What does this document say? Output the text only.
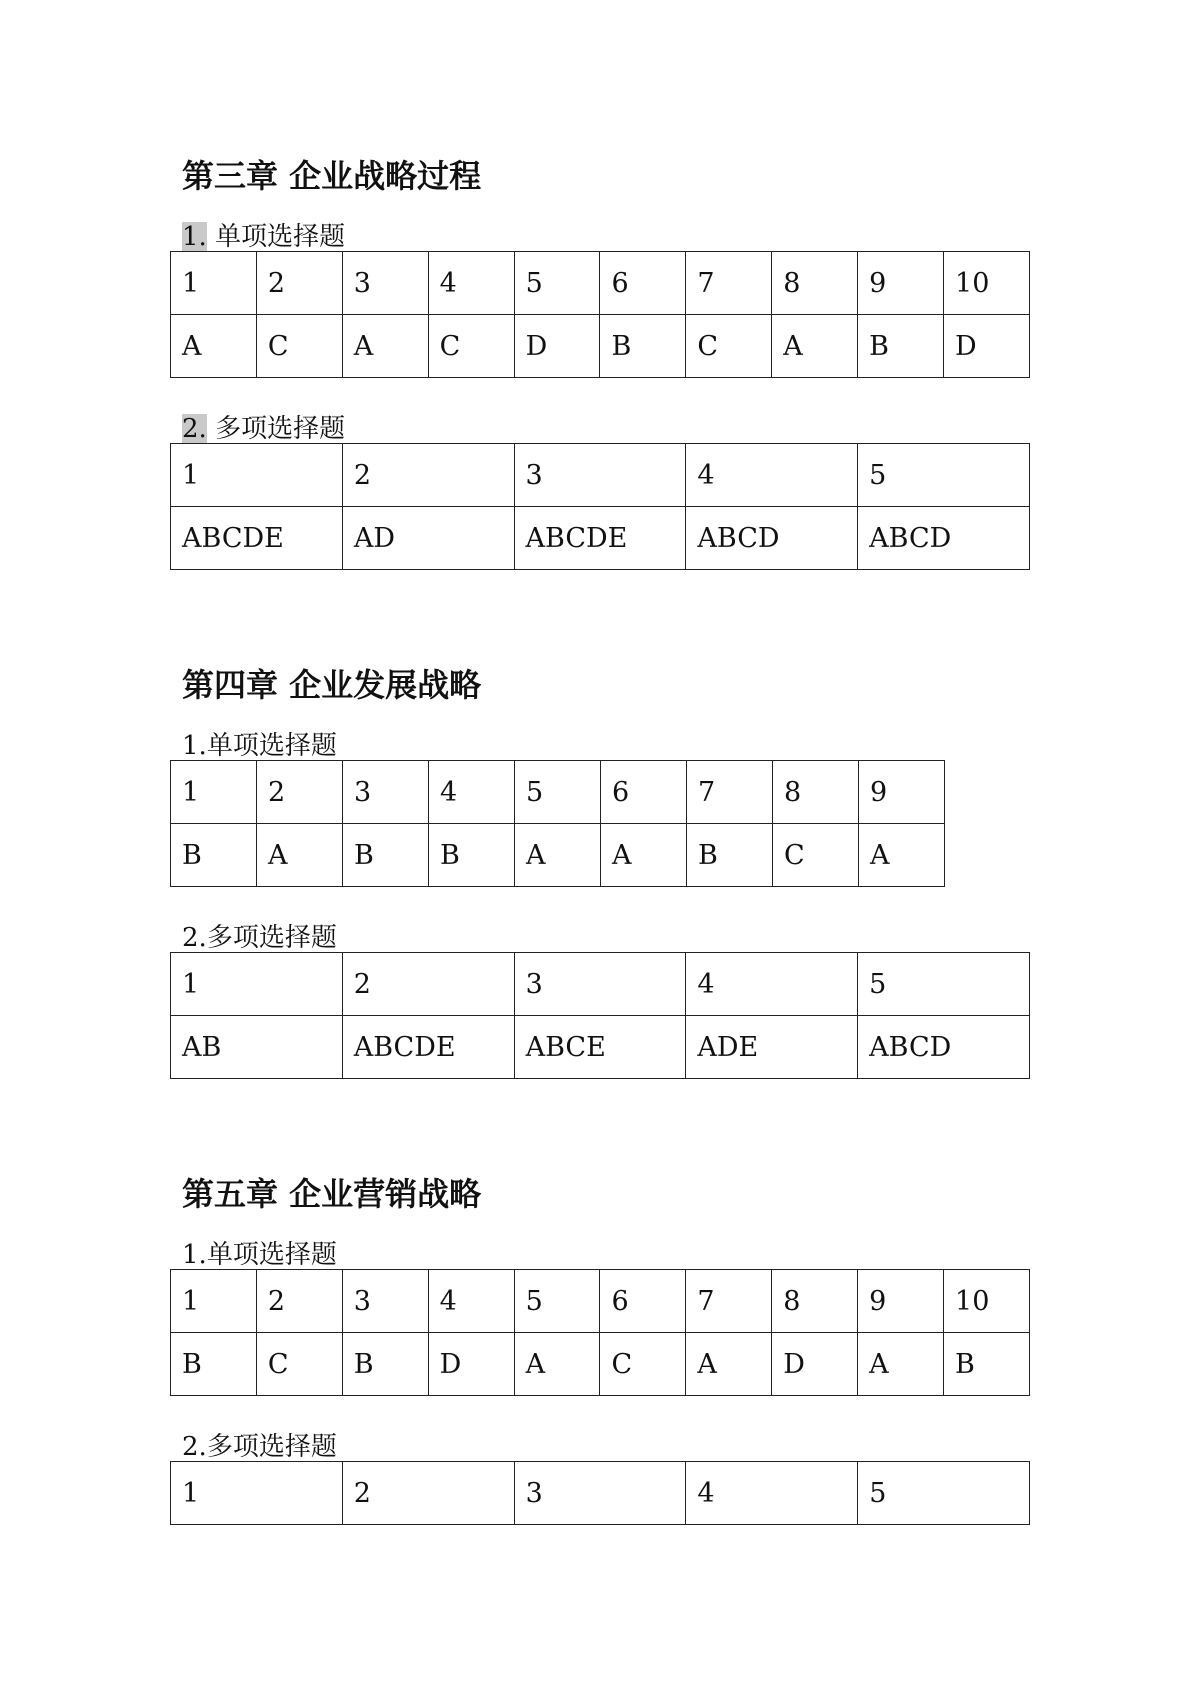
第三章 企业战略过程
1. 单项选择题
1	2	3	4	5	6	7	8	9	10
A	C	A	C	D	B	C	A	B	D
2. 多项选择题
1	2	3	4	5
ABCDE	AD	ABCDE	ABCD	ABCD
第四章 企业发展战略
1.单项选择题
1	2	3	4	5	6	7	8	9
B	A	B	B	A	A	B	C	A
2.多项选择题
1	2	3	4	5
AB	ABCDE	ABCE	ADE	ABCD
第五章 企业营销战略
1.单项选择题
1	2	3	4	5	6	7	8	9	10
B	C	B	D	A	C	A	D	A	B
2.多项选择题
1	2	3	4	5
